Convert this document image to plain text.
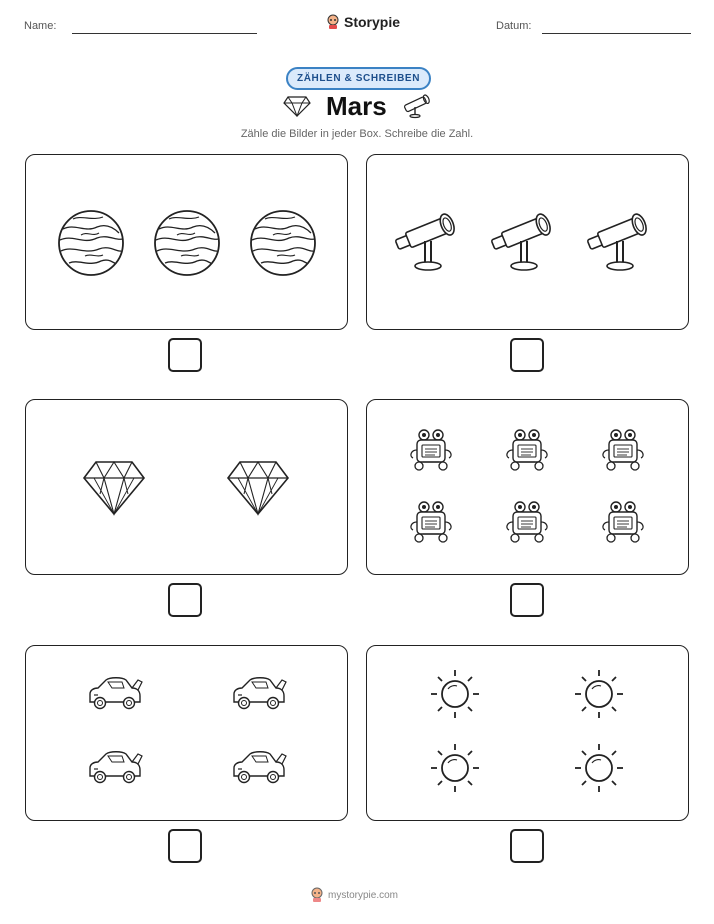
Name:	Storypie	Datum:
ZÄHLEN & SCHREIBEN
Mars
Zähle die Bilder in jeder Box. Schreibe die Zahl.
mystorypie.com
